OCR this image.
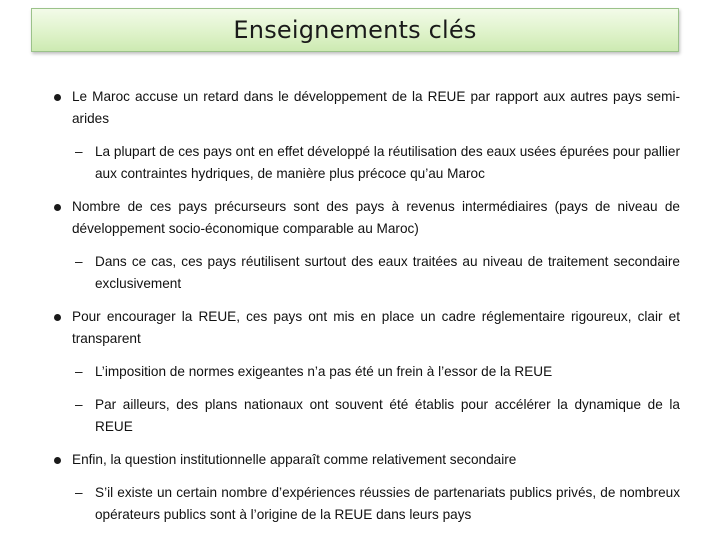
Enseignements clés
Le Maroc accuse un retard dans le développement de la REUE par rapport aux autres pays semi-arides
– La plupart de ces pays ont en effet développé la réutilisation des eaux usées épurées pour pallier aux contraintes hydriques, de manière plus précoce qu’au Maroc
Nombre de ces pays précurseurs sont des pays à revenus intermédiaires (pays de niveau de développement socio-économique comparable au Maroc)
– Dans ce cas, ces pays réutilisent surtout des eaux traitées au niveau de traitement secondaire exclusivement
Pour encourager la REUE, ces pays ont mis en place un cadre réglementaire rigoureux, clair et transparent
– L’imposition de normes exigeantes n’a pas été un frein à l’essor de la REUE
– Par ailleurs, des plans nationaux ont souvent été établis pour accélérer la dynamique de la REUE
Enfin, la question institutionnelle apparaît comme relativement secondaire
– S’il existe un certain nombre d’expériences réussies de partenariats publics privés, de nombreux opérateurs publics sont à l’origine de la REUE dans leurs pays
